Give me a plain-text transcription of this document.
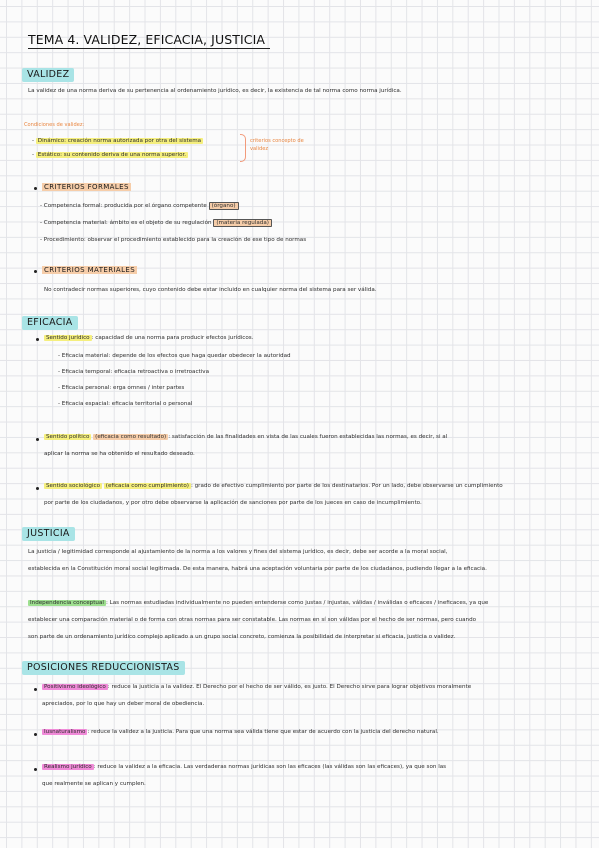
TEMA 4. VALIDEZ, EFICACIA, JUSTICIA
VALIDEZ
La validez de una norma deriva de su pertenencia al ordenamiento jurídico, es decir, la existencia de tal norma como norma jurídica.
Condiciones de validez:
- Dinámico: creación norma autorizada por otra del sistema
- Estático: su contenido deriva de una norma superior.
criterios concepto de validez
CRITERIOS FORMALES
- Competencia formal: producida por el órgano competente (órgano)
- Competencia material: ámbito es el objeto de su regulación (materia regulada)
- Procedimiento: observar el procedimiento establecido para la creación de ese tipo de normas
CRITERIOS MATERIALES
No contradecir normas superiores, cuyo contenido debe estar incluido en cualquier norma del sistema para ser válida.
EFICACIA
Sentido jurídico : capacidad de una norma para producir efectos jurídicos.
- Eficacia material: depende de los efectos que haga quedar obedecer la autoridad
- Eficacia temporal: eficacia retroactiva o irretroactiva
- Eficacia personal: erga omnes / inter partes
- Eficacia espacial: eficacia territorial o personal
Sentido político (eficacia como resultado) : satisfacción de las finalidades en vista de las cuales fueron establecidas las normas, es decir, si al
aplicar la norma se ha obtenido el resultado deseado.
Sentido sociológico (eficacia como cumplimiento) : grado de efectivo cumplimiento por parte de los destinatarios. Por un lado, debe observarse un cumplimiento
por parte de los ciudadanos, y por otro debe observarse la aplicación de sanciones por parte de los jueces en caso de incumplimiento.
JUSTICIA
La justicia / legitimidad corresponde al ajustamiento de la norma a los valores y fines del sistema jurídico, es decir, debe ser acorde a la moral social,
establecida en la Constitución moral social legitimada. De esta manera, habrá una aceptación voluntaria por parte de los ciudadanos, pudiendo llegar a la eficacia.
Independencia conceptual : Las normas estudiadas individualmente no pueden entenderse como justas / injustas, válidas / inválidas o eficaces / ineficaces, ya que
establecer una comparación material o de forma con otras normas para ser constatable. Las normas en sí son válidas por el hecho de ser normas, pero cuando
son parte de un ordenamiento jurídico complejo aplicado a un grupo social concreto, comienza la posibilidad de interpretar si eficacia, justicia o validez.
POSICIONES REDUCCIONISTAS
Positivismo ideológico : reduce la justicia a la validez. El Derecho por el hecho de ser válido, es justo. El Derecho sirve para lograr objetivos moralmente
apreciados, por lo que hay un deber moral de obediencia.
Iusnaturalismo : reduce la validez a la justicia. Para que una norma sea válida tiene que estar de acuerdo con la justicia del derecho natural.
Realismo jurídico : reduce la validez a la eficacia. Las verdaderas normas jurídicas son las eficaces (las válidas son las eficaces), ya que son las
que realmente se aplican y cumplen.
